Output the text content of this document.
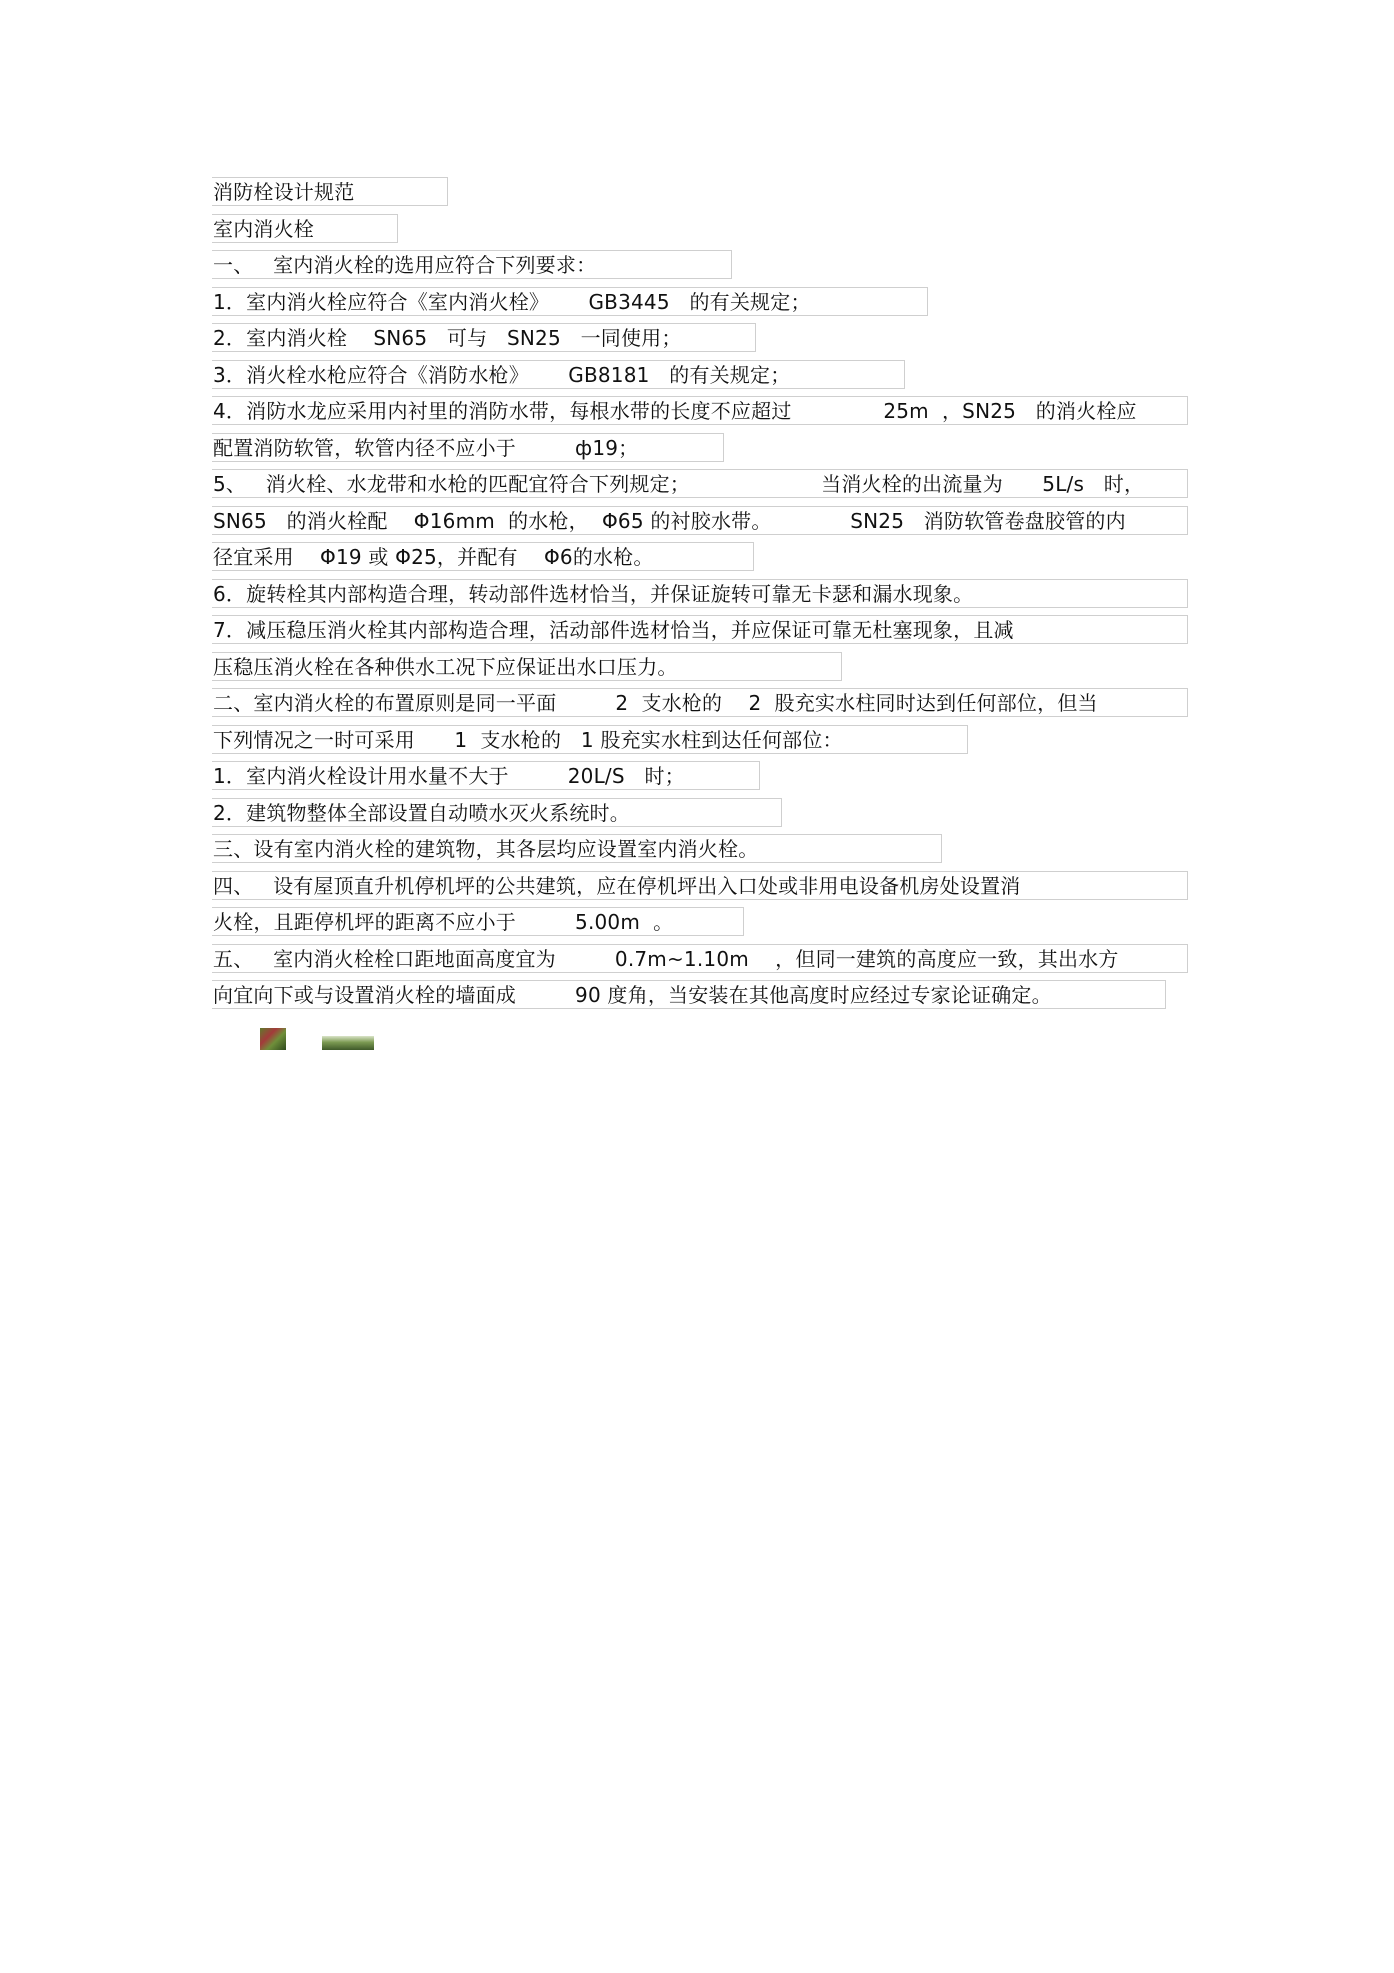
消防栓设计规范
室内消火栓
一、   室内消火栓的选用应符合下列要求：
1．室内消火栓应符合《室内消火栓》      GB3445   的有关规定；
2．室内消火栓    SN65   可与   SN25   一同使用；
3．消火栓水枪应符合《消防水枪》      GB8181   的有关规定；
4．消防水龙应采用内衬里的消防水带，每根水带的长度不应超过              25m  ，SN25   的消火栓应
配置消防软管，软管内径不应小于         ф19；
5、   消火栓、水龙带和水枪的匹配宜符合下列规定；                    当消火栓的出流量为      5L/s   时，
SN65   的消火栓配    Φ16mm  的水枪，  Φ65 的衬胶水带。            SN25   消防软管卷盘胶管的内
径宜采用    Φ19 或 Φ25，并配有    Φ6的水枪。
6．旋转栓其内部构造合理，转动部件选材恰当，并保证旋转可靠无卡瑟和漏水现象。
7．减压稳压消火栓其内部构造合理，活动部件选材恰当，并应保证可靠无杜塞现象，且减
压稳压消火栓在各种供水工况下应保证出水口压力。
二、室内消火栓的布置原则是同一平面         2  支水枪的    2  股充实水柱同时达到任何部位，但当
下列情况之一时可采用      1  支水枪的   1 股充实水柱到达任何部位：
1．室内消火栓设计用水量不大于         20L/S   时；
2．建筑物整体全部设置自动喷水灭火系统时。
三、设有室内消火栓的建筑物，其各层均应设置室内消火栓。
四、   设有屋顶直升机停机坪的公共建筑，应在停机坪出入口处或非用电设备机房处设置消
火栓，且距停机坪的距离不应小于         5.00m  。
五、   室内消火栓栓口距地面高度宜为         0.7m~1.10m    ，但同一建筑的高度应一致，其出水方
向宜向下或与设置消火栓的墙面成         90 度角，当安装在其他高度时应经过专家论证确定。
